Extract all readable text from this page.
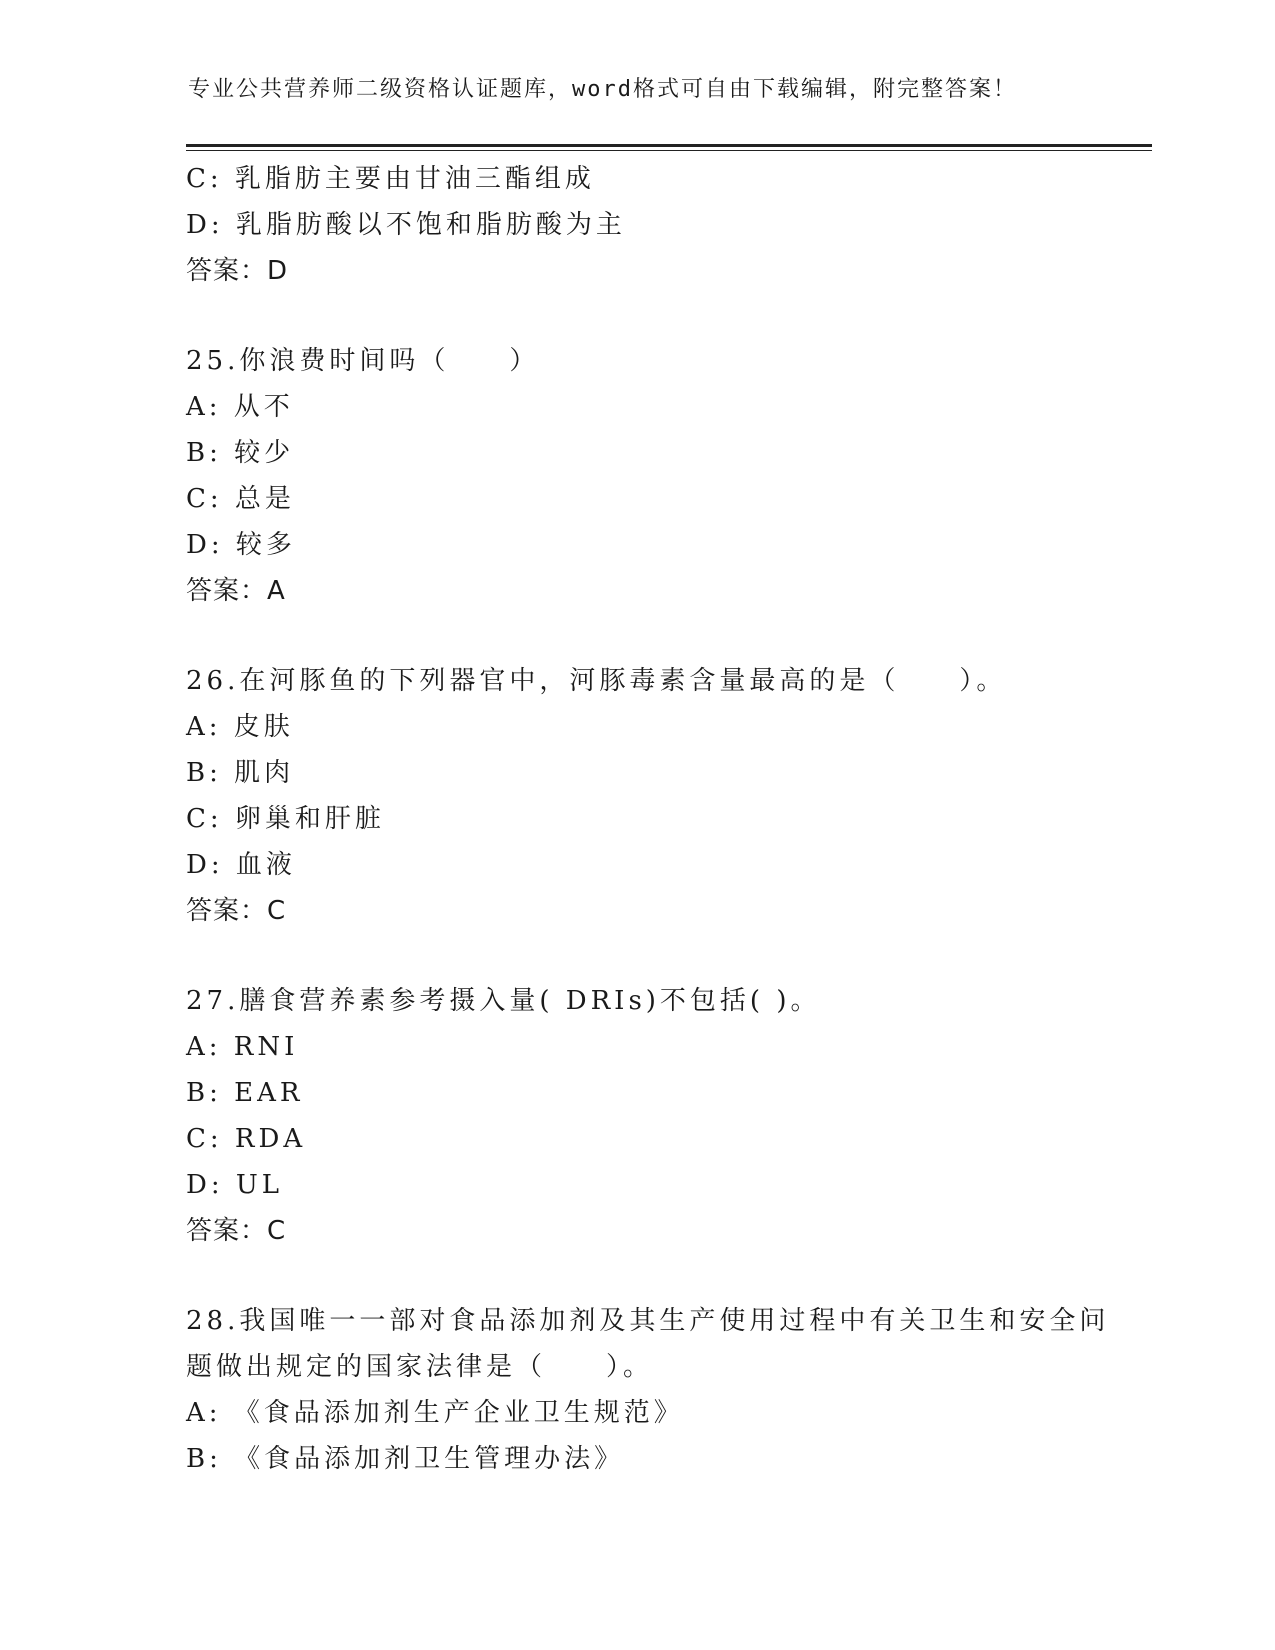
专业公共营养师二级资格认证题库，word格式可自由下载编辑，附完整答案！
C: 乳脂肪主要由甘油三酯组成
D: 乳脂肪酸以不饱和脂肪酸为主
答案：D
25.你浪费时间吗（　　）
A: 从不
B: 较少
C: 总是
D: 较多
答案：A
26.在河豚鱼的下列器官中，河豚毒素含量最高的是（　　）。
A: 皮肤
B: 肌肉
C: 卵巢和肝脏
D: 血液
答案：C
27.膳食营养素参考摄入量( DRIs)不包括( )。
A: RNI
B: EAR
C: RDA
D: UL
答案：C
28.我国唯一一部对食品添加剂及其生产使用过程中有关卫生和安全问
题做出规定的国家法律是（　　）。
A: 《食品添加剂生产企业卫生规范》
B: 《食品添加剂卫生管理办法》
